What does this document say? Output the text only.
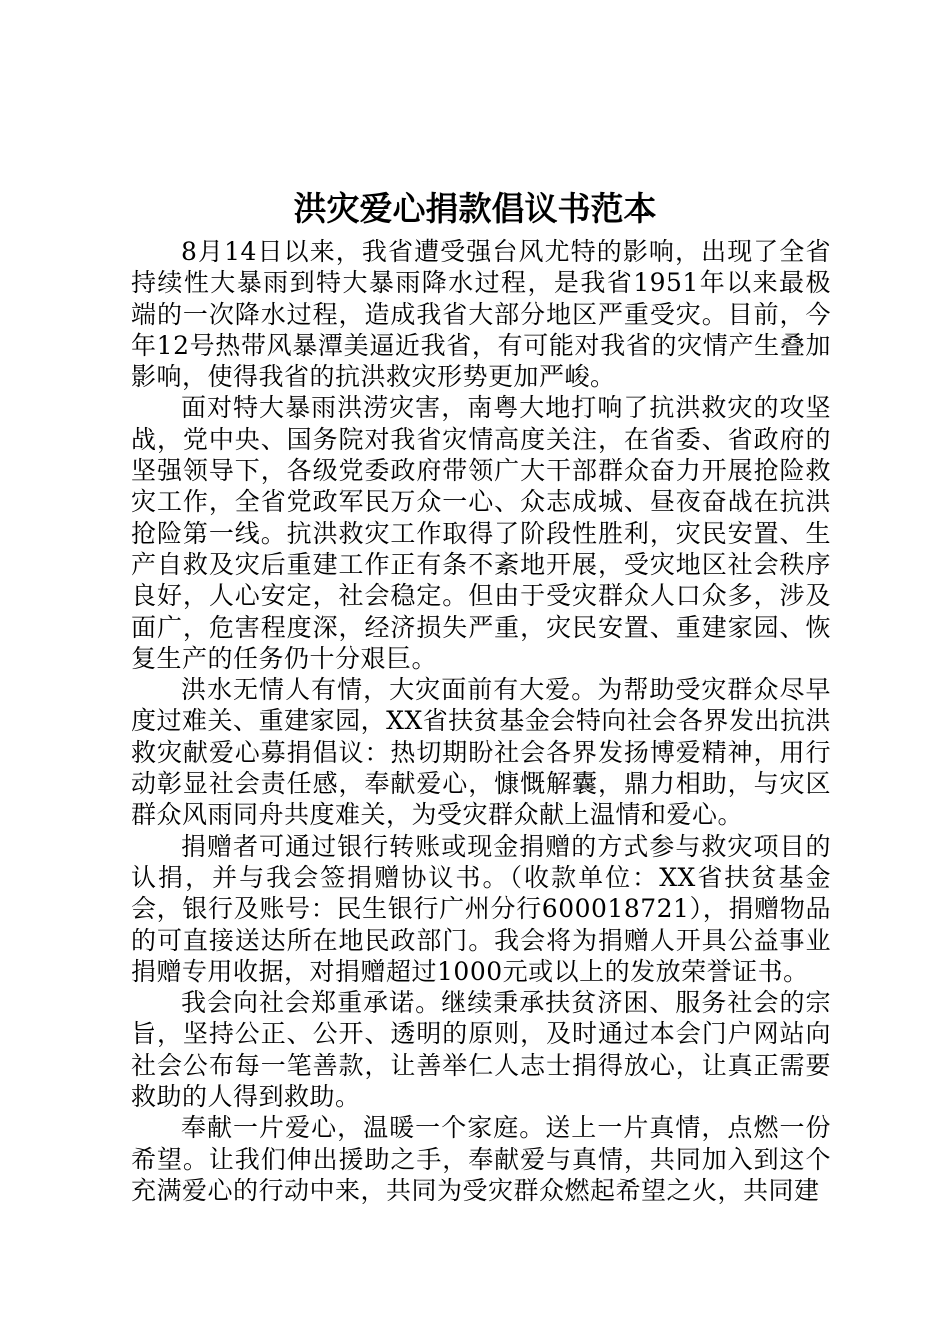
洪灾爱心捐款倡议书范本

8月14日以来，我省遭受强台风尤特的影响，出现了全省持续性大暴雨到特大暴雨降水过程，是我省1951年以来最极端的一次降水过程，造成我省大部分地区严重受灾。目前，今年12号热带风暴潭美逼近我省，有可能对我省的灾情产生叠加影响，使得我省的抗洪救灾形势更加严峻。

面对特大暴雨洪涝灾害，南粤大地打响了抗洪救灾的攻坚战，党中央、国务院对我省灾情高度关注，在省委、省政府的坚强领导下，各级党委政府带领广大干部群众奋力开展抢险救灾工作，全省党政军民万众一心、众志成城、昼夜奋战在抗洪抢险第一线。抗洪救灾工作取得了阶段性胜利，灾民安置、生产自救及灾后重建工作正有条不紊地开展，受灾地区社会秩序良好，人心安定，社会稳定。但由于受灾群众人口众多，涉及面广，危害程度深，经济损失严重，灾民安置、重建家园、恢复生产的任务仍十分艰巨。

洪水无情人有情，大灾面前有大爱。为帮助受灾群众尽早度过难关、重建家园，XX省扶贫基金会特向社会各界发出抗洪救灾献爱心募捐倡议：热切期盼社会各界发扬博爱精神，用行动彰显社会责任感，奉献爱心，慷慨解囊，鼎力相助，与灾区群众风雨同舟共度难关，为受灾群众献上温情和爱心。

捐赠者可通过银行转账或现金捐赠的方式参与救灾项目的认捐，并与我会签捐赠协议书。（收款单位：XX省扶贫基金会，银行及账号：民生银行广州分行600018721），捐赠物品的可直接送达所在地民政部门。我会将为捐赠人开具公益事业捐赠专用收据，对捐赠超过1000元或以上的发放荣誉证书。

我会向社会郑重承诺。继续秉承扶贫济困、服务社会的宗旨，坚持公正、公开、透明的原则，及时通过本会门户网站向社会公布每一笔善款，让善举仁人志士捐得放心，让真正需要救助的人得到救助。

奉献一片爱心，温暖一个家庭。送上一片真情，点燃一份希望。让我们伸出援助之手，奉献爱与真情，共同加入到这个充满爱心的行动中来，共同为受灾群众燃起希望之火，共同建
